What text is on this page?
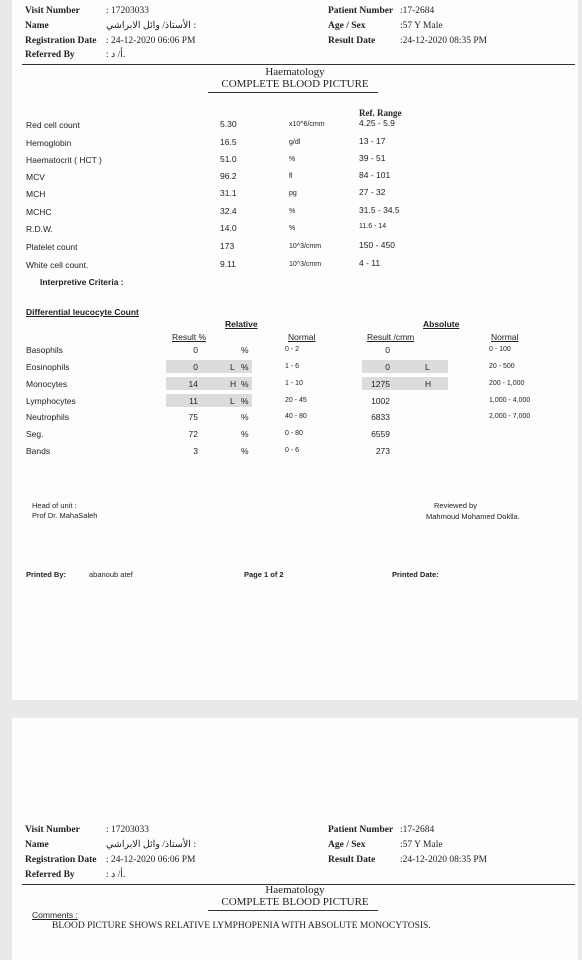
Visit Number	: 17203033
Name	الأستاذ/ وائل الابراشي :
Registration Date : 24-12-2020 06:06 PM
Referred By	: أ/ د.
Patient Number :17-2684
Age / Sex	:57 Y Male
Result Date	:24-12-2020 08:35 PM
Haematology
COMPLETE BLOOD PICTURE
Ref. Range
Red cell count	5.30	x10^6/cmm	4.25 - 5.9
Hemoglobin	16.5	g/dl	13 - 17
Haematocrit ( HCT )	51.0	%	39 - 51
MCV	96.2	fl	84 - 101
MCH	31.1	pg	27 - 32
MCHC	32.4	%	31.5 - 34.5
R.D.W.	14.0	%	11.6 - 14
Platelet count	173	10^3/cmm	150 - 450
White cell count.	9.11	10^3/cmm	4 - 11
Interpretive Criteria :
Differential leucocyte Count
Relative	Absolute
Result %	Normal	Result /cmm	Normal
Basophils	0	%	0 - 2	0	0 - 100
Eosinophils	0	L %	1 - 6	0	L	20 - 500
Monocytes	14	H %	1 - 10	1275	H	200 - 1,000
Lymphocytes	11	L %	20 - 45	1002	1,000 - 4,000
Neutrophils	75	%	40 - 80	6833	2,000 - 7,000
Seg.	72	%	0 - 80	6559
Bands	3	%	0 - 6	273
Head of unit :
Prof Dr. MahaSaleh
Reviewed by
Mahmoud Mohamed Doklla.
Printed By:	abanoub atef	Page 1 of 2	Printed Date:
Visit Number	: 17203033
Name	الأستاذ/ وائل الابراشي :
Registration Date : 24-12-2020 06:06 PM
Referred By	: أ/ د.
Patient Number :17-2684
Age / Sex	:57 Y Male
Result Date	:24-12-2020 08:35 PM
Haematology
COMPLETE BLOOD PICTURE
Comments :
BLOOD PICTURE SHOWS RELATIVE LYMPHOPENIA WITH ABSOLUTE MONOCYTOSIS.
